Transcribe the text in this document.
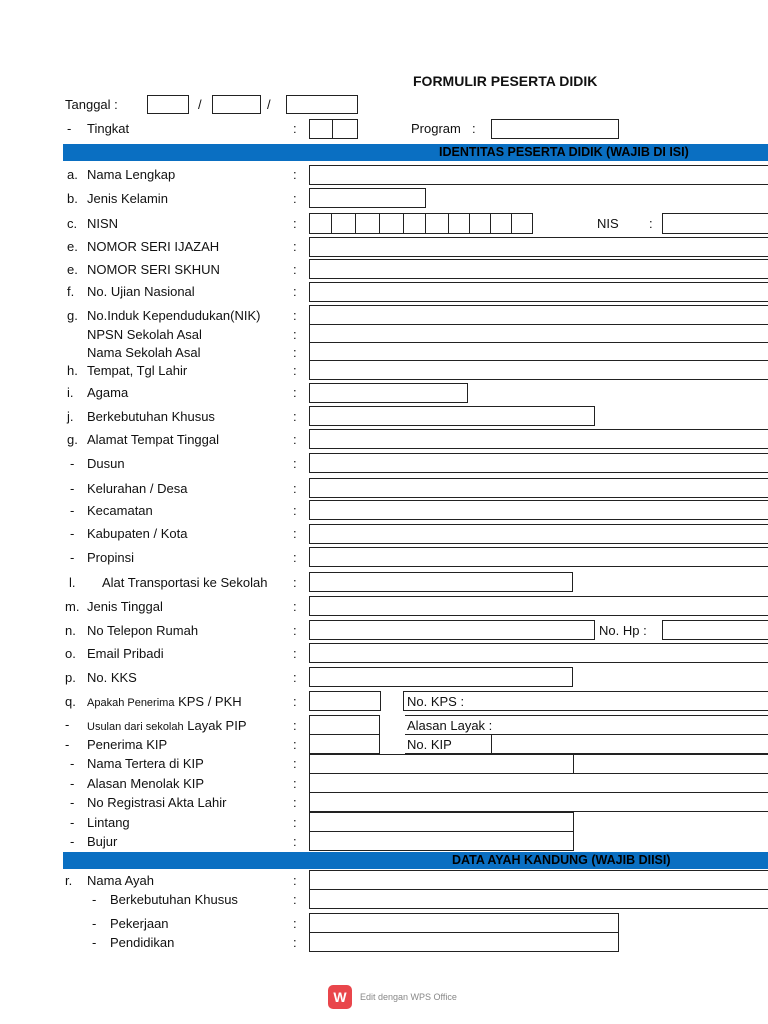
FORMULIR PESERTA DIDIK
Tanggal :	/	/
- Tingkat	:	Program :
IDENTITAS PESERTA DIDIK (WAJIB DI ISI)
a. Nama Lengkap	:
b. Jenis Kelamin	:
c. NISN	:	NIS :
e. NOMOR SERI IJAZAH	:
e. NOMOR SERI SKHUN	:
f. No. Ujian Nasional	:
g. No.Induk Kependudukan(NIK)	:
NPSN Sekolah Asal	:
Nama Sekolah Asal	:
h. Tempat, Tgl Lahir	:
i. Agama	:
j. Berkebutuhan Khusus	:
g. Alamat Tempat Tinggal	:
- Dusun	:
- Kelurahan / Desa	:
- Kecamatan	:
- Kabupaten / Kota	:
- Propinsi	:
l. Alat Transportasi ke Sekolah :
m. Jenis Tinggal	:
n. No Telepon Rumah	:	No. Hp :
o. Email Pribadi	:
p. No. KKS	:
q. Apakah Penerima KPS / PKH	:	No. KPS :
- Usulan dari sekolah Layak PIP	:	Alasan Layak :
- Penerima KIP	:	No. KIP
- Nama Tertera di KIP	:
- Alasan Menolak KIP	:
- No Registrasi Akta Lahir	:
- Lintang	:
- Bujur	:
DATA AYAH KANDUNG (WAJIB DIISI)
r. Nama Ayah	:
- Berkebutuhan Khusus	:
- Pekerjaan	:
- Pendidikan	:
W	Edit dengan WPS Office
